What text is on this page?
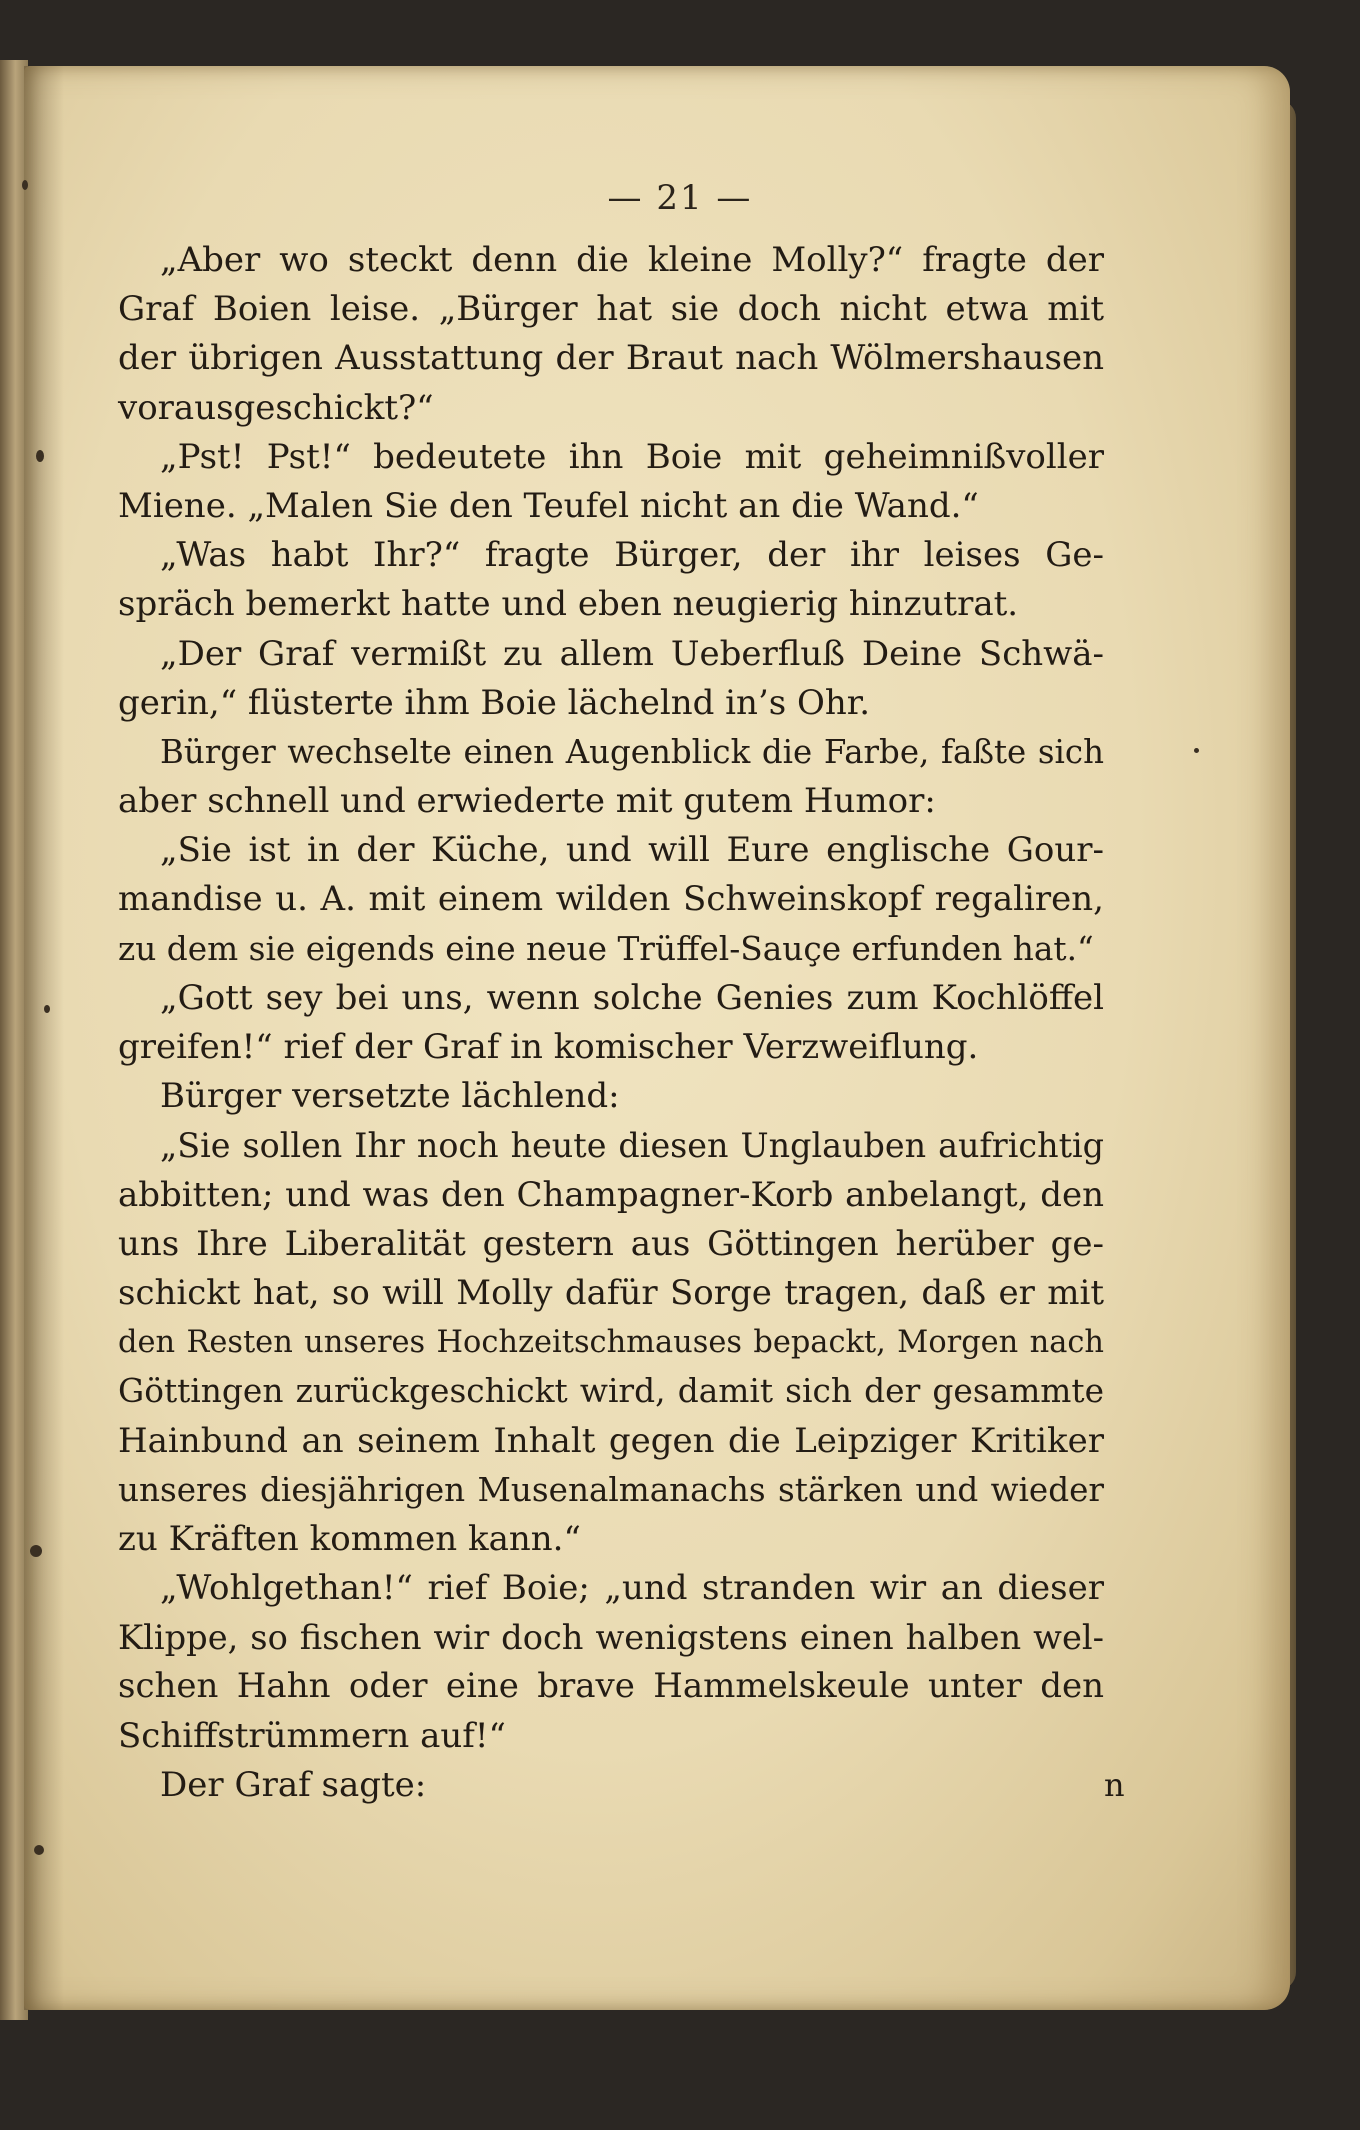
— 21 —
„Aber wo steckt denn die kleine Molly?“ fragte der
Graf Boien leise. „Bürger hat sie doch nicht etwa mit
der übrigen Ausstattung der Braut nach Wölmershausen
vorausgeschickt?“
„Pst! Pst!“ bedeutete ihn Boie mit geheimnißvoller
Miene. „Malen Sie den Teufel nicht an die Wand.“
„Was habt Ihr?“ fragte Bürger, der ihr leises Ge-
spräch bemerkt hatte und eben neugierig hinzutrat.
„Der Graf vermißt zu allem Ueberfluß Deine Schwä-
gerin,“ flüsterte ihm Boie lächelnd in’s Ohr.
Bürger wechselte einen Augenblick die Farbe, faßte sich
aber schnell und erwiederte mit gutem Humor:
„Sie ist in der Küche, und will Eure englische Gour-
mandise u. A. mit einem wilden Schweinskopf regaliren,
zu dem sie eigends eine neue Trüffel-Sauçe erfunden hat.“
„Gott sey bei uns, wenn solche Genies zum Kochlöffel
greifen!“ rief der Graf in komischer Verzweiflung.
Bürger versetzte lächlend:
„Sie sollen Ihr noch heute diesen Unglauben aufrichtig
abbitten; und was den Champagner-Korb anbelangt, den
uns Ihre Liberalität gestern aus Göttingen herüber ge-
schickt hat, so will Molly dafür Sorge tragen, daß er mit
den Resten unseres Hochzeitschmauses bepackt, Morgen nach
Göttingen zurückgeschickt wird, damit sich der gesammte
Hainbund an seinem Inhalt gegen die Leipziger Kritiker
unseres diesjährigen Musenalmanachs stärken und wieder
zu Kräften kommen kann.“
„Wohlgethan!“ rief Boie; „und stranden wir an dieser
Klippe, so fischen wir doch wenigstens einen halben wel-
schen Hahn oder eine brave Hammelskeule unter den
Schiffstrümmern auf!“
Der Graf sagte:	n
